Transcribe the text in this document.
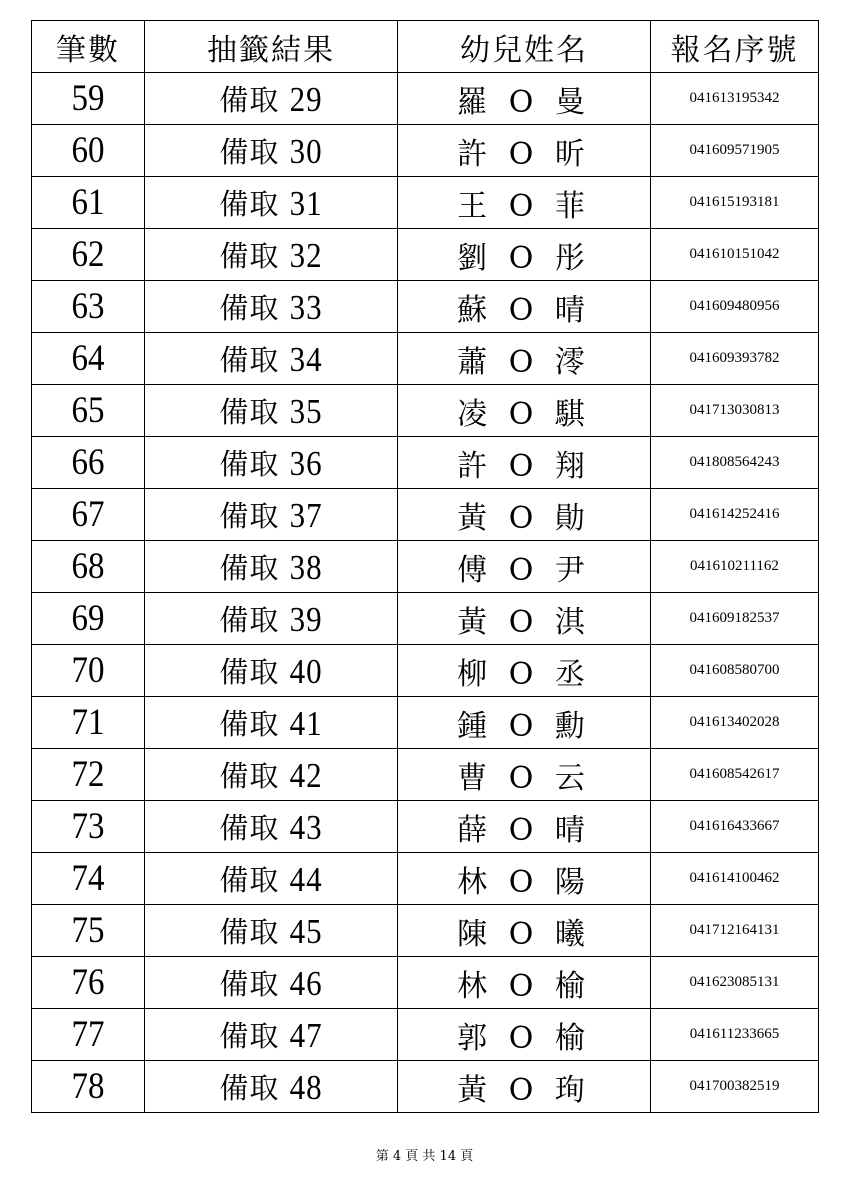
筆數	抽籤結果	幼兒姓名	報名序號
59	備取 29	羅 O 曼	041613195342
60	備取 30	許 O 昕	041609571905
61	備取 31	王 O 菲	041615193181
62	備取 32	劉 O 彤	041610151042
63	備取 33	蘇 O 晴	041609480956
64	備取 34	蕭 O 澪	041609393782
65	備取 35	凌 O 騏	041713030813
66	備取 36	許 O 翔	041808564243
67	備取 37	黃 O 勛	041614252416
68	備取 38	傅 O 尹	041610211162
69	備取 39	黃 O 淇	041609182537
70	備取 40	柳 O 丞	041608580700
71	備取 41	鍾 O 勳	041613402028
72	備取 42	曹 O 云	041608542617
73	備取 43	薛 O 晴	041616433667
74	備取 44	林 O 陽	041614100462
75	備取 45	陳 O 曦	041712164131
76	備取 46	林 O 榆	041623085131
77	備取 47	郭 O 榆	041611233665
78	備取 48	黃 O 珣	041700382519
第 4 頁 共 14 頁
